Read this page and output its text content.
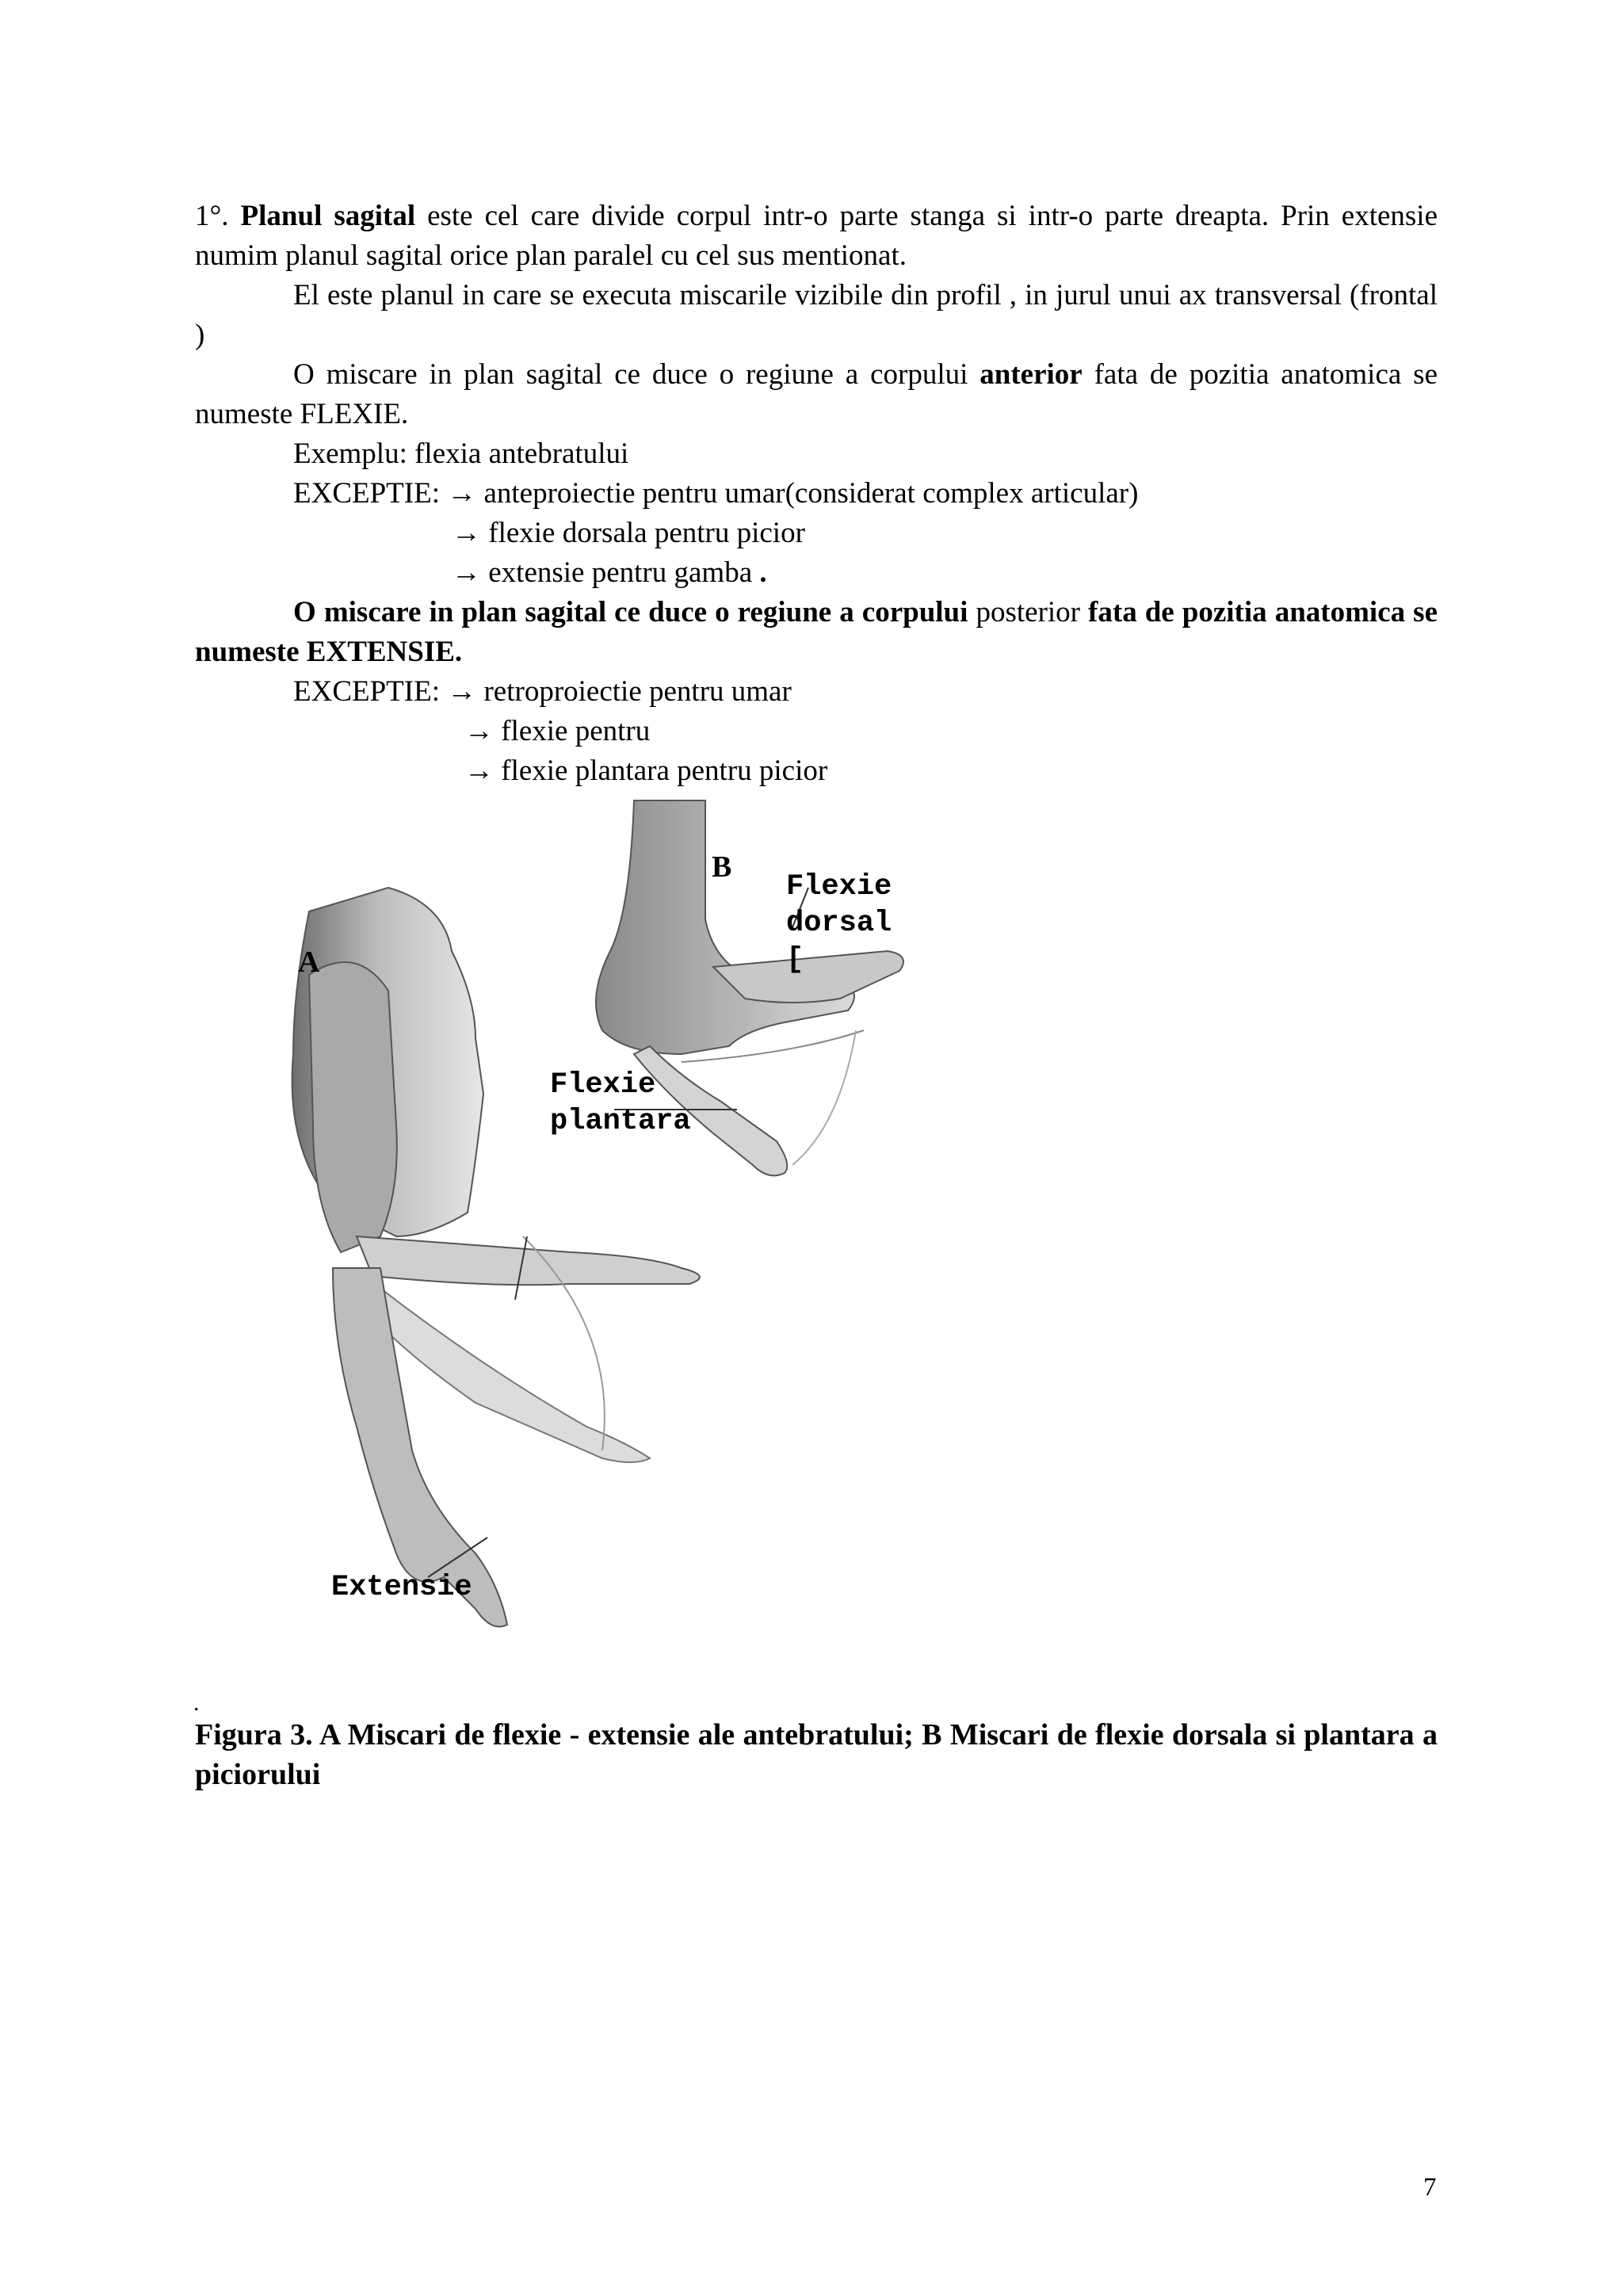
1°. Planul sagital este cel care divide corpul intr-o parte stanga si intr-o parte dreapta. Prin extensie numim planul sagital orice plan paralel cu cel sus mentionat.

El este planul in care se executa miscarile vizibile din profil , in jurul unui ax transversal (frontal )

O miscare in plan sagital ce duce o regiune a corpului anterior fata de pozitia anatomica se numeste FLEXIE.

Exemplu: flexia antebratului

EXCEPTIE: → anteproiectie pentru umar(considerat complex articular)

→ flexie dorsala pentru picior

→ extensie pentru gamba .

O miscare in plan sagital ce duce o regiune a corpului posterior fata de pozitia anatomica se numeste EXTENSIE.

EXCEPTIE: → retroproiectie pentru umar

→ flexie pentru

→ flexie plantara pentru picior

A
B
Flexie
dorsal
[
Flexie
plantara
Extensie
.

Figura 3. A Miscari de flexie - extensie ale antebratului; B Miscari de flexie dorsala si plantara a piciorului

7
